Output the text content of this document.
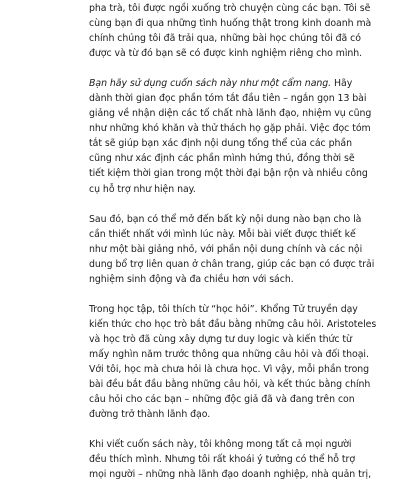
pha trà, tôi được ngồi xuống trò chuyện cùng các bạn. Tôi sẽ
cùng bạn đi qua những tình huống thật trong kinh doanh mà
chính chúng tôi đã trải qua, những bài học chúng tôi đã có
được và từ đó bạn sẽ có được kinh nghiệm riêng cho mình.

Bạn hãy sử dụng cuốn sách này như một cẩm nang. Hãy
dành thời gian đọc phần tóm tắt đầu tiên – ngắn gọn 13 bài
giảng về nhận diện các tố chất nhà lãnh đạo, nhiệm vụ cũng
như những khó khăn và thử thách họ gặp phải. Việc đọc tóm
tắt sẽ giúp bạn xác định nội dung tổng thể của các phần
cũng như xác định các phần mình hứng thú, đồng thời sẽ
tiết kiệm thời gian trong một thời đại bận rộn và nhiều công
cụ hỗ trợ như hiện nay.

Sau đó, bạn có thể mở đến bất kỳ nội dung nào bạn cho là
cần thiết nhất với mình lúc này. Mỗi bài viết được thiết kế
như một bài giảng nhỏ, với phần nội dung chính và các nội
dung bổ trợ liên quan ở chân trang, giúp các bạn có được trải
nghiệm sinh động và đa chiều hơn với sách.

Trong học tập, tôi thích từ “học hỏi”. Khổng Tử truyền dạy
kiến thức cho học trò bắt đầu bằng những câu hỏi. Aristoteles
và học trò đã cùng xây dựng tư duy logic và kiến thức từ
mấy nghìn năm trước thông qua những câu hỏi và đối thoại.
Với tôi, học mà chưa hỏi là chưa học. Vì vậy, mỗi phần trong
bài đều bắt đầu bằng những câu hỏi, và kết thúc bằng chính
câu hỏi cho các bạn – những độc giả đã và đang trên con
đường trở thành lãnh đạo.

Khi viết cuốn sách này, tôi không mong tất cả mọi người
đều thích mình. Nhưng tôi rất khoái ý tưởng có thể hỗ trợ
mọi người – những nhà lãnh đạo doanh nghiệp, nhà quản trị,
